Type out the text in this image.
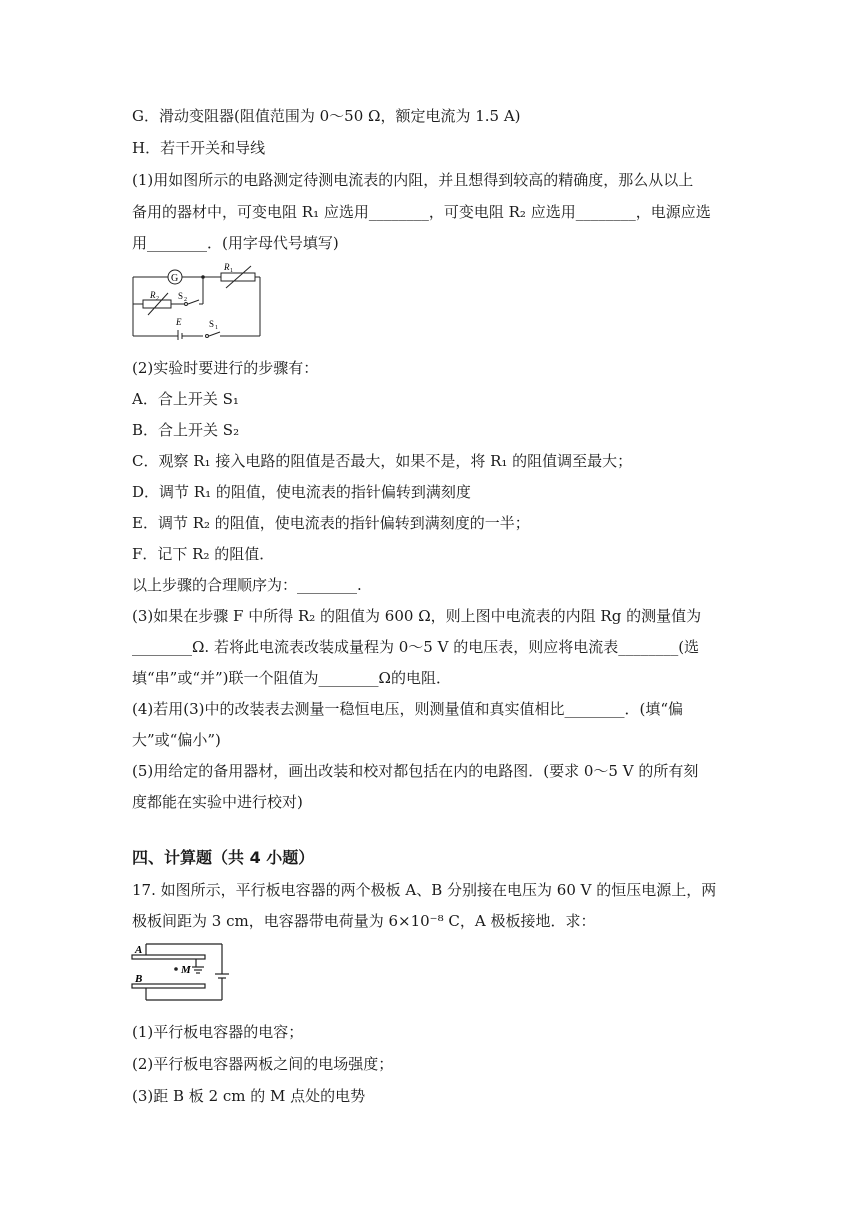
G．滑动变阻器(阻值范围为 0～50 Ω，额定电流为 1.5 A)
H．若干开关和导线
(1)用如图所示的电路测定待测电流表的内阻，并且想得到较高的精确度，那么从以上
备用的器材中，可变电阻 R₁ 应选用________，可变电阻 R₂ 应选用________，电源应选
用________．(用字母代号填写)
G
R 1
R 2 S 2
E	S 1
(2)实验时要进行的步骤有：
A．合上开关 S₁
B．合上开关 S₂
C．观察 R₁ 接入电路的阻值是否最大，如果不是，将 R₁ 的阻值调至最大；
D．调节 R₁ 的阻值，使电流表的指针偏转到满刻度
E．调节 R₂ 的阻值，使电流表的指针偏转到满刻度的一半；
F．记下 R₂ 的阻值．
以上步骤的合理顺序为：________.
(3)如果在步骤 F 中所得 R₂ 的阻值为 600 Ω，则上图中电流表的内阻 Rg 的测量值为
________Ω. 若将此电流表改装成量程为 0～5 V 的电压表，则应将电流表________(选
填“串”或“并”)联一个阻值为________Ω的电阻．
(4)若用(3)中的改装表去测量一稳恒电压，则测量值和真实值相比________．(填“偏
大”或“偏小”)
(5)用给定的备用器材，画出改装和校对都包括在内的电路图．(要求 0～5 V 的所有刻
度都能在实验中进行校对)
四、计算题（共 4 小题）
17. 如图所示，平行板电容器的两个极板 A、B 分别接在电压为 60 V 的恒压电源上，两
极板间距为 3 cm，电容器带电荷量为 6×10⁻⁸ C，A 极板接地．求：
A
M
B
(1)平行板电容器的电容；
(2)平行板电容器两板之间的电场强度；
(3)距 B 板 2 cm 的 M 点处的电势
